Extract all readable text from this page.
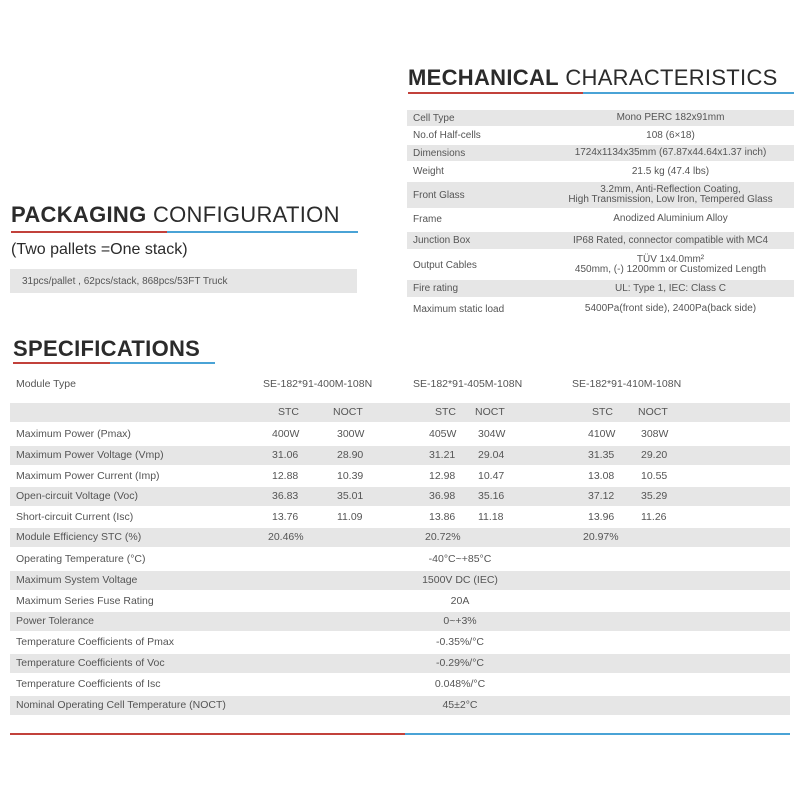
MECHANICAL CHARACTERISTICS
Cell Type	Mono PERC 182x91mm
No.of Half-cells	108 (6×18)
Dimensions	1724x1134x35mm (67.87x44.64x1.37 inch)
Weight	21.5 kg (47.4 lbs)
Front Glass	3.2mm, Anti-Reflection Coating,
High Transmission, Low Iron, Tempered Glass
Frame	Anodized Aluminium Alloy
Junction Box	IP68 Rated, connector compatible with MC4
Output Cables	TÜV 1x4.0mm²
450mm, (-) 1200mm or Customized Length
Fire rating	UL: Type 1, IEC: Class C
Maximum static load	5400Pa(front side), 2400Pa(back side)
PACKAGING CONFIGURATION
(Two pallets =One stack)
31pcs/pallet , 62pcs/stack, 868pcs/53FT Truck
SPECIFICATIONS
Module Type	SE-182*91-400M-108N	SE-182*91-405M-108N	SE-182*91-410M-108N
STC	NOCT	STC NOCT	STC NOCT
Maximum Power (Pmax)	400W	300W	405W 304W	410W 308W
Maximum Power Voltage (Vmp)	31.06	28.90	31.21 29.04	31.35	29.20
Maximum Power Current (Imp)	12.88	10.39	12.98 10.47	13.08	10.55
Open-circuit Voltage (Voc)	36.83	35.01	36.98 35.16	37.12	35.29
Short-circuit Current (Isc)	13.76	11.09	13.86 11.18	13.96	11.26
Module Efficiency STC (%)	20.46%	20.72%	20.97%
Operating Temperature (°C)	-40°C~+85°C
Maximum System Voltage	1500V DC (IEC)
Maximum Series Fuse Rating	20A
Power Tolerance	0~+3%
Temperature Coefficients of Pmax	-0.35%/°C
Temperature Coefficients of Voc	-0.29%/°C
Temperature Coefficients of Isc	0.048%/°C
Nominal Operating Cell Temperature (NOCT)	45±2°C
